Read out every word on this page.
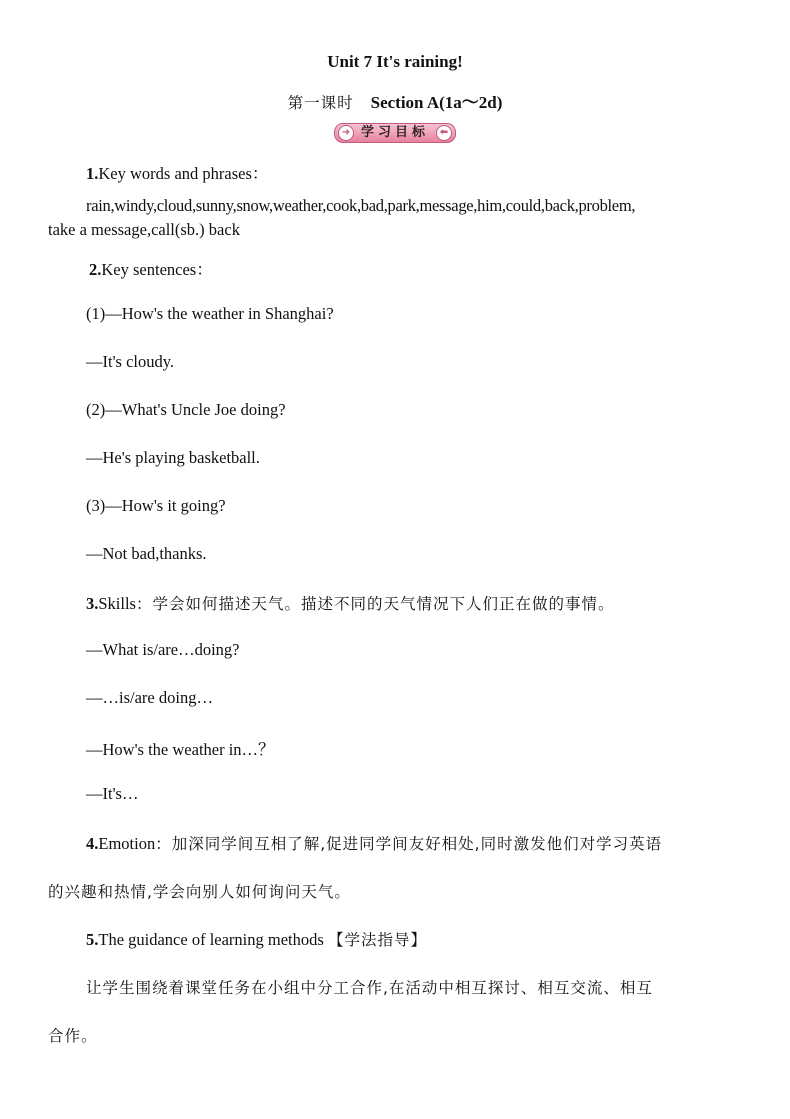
Unit 7 It's raining!
第一课时 Section A(1a～2d)
➜ 学习目标	⬅
1.Key words and phrases：
rain,windy,cloud,sunny,snow,weather,cook,bad,park,message,him,could,back,problem,
take a message,call(sb.) back
2.Key sentences：
(1)—How's the weather in Shanghai?
—It's cloudy.
(2)—What's Uncle Joe doing?
—He's playing basketball.
(3)—How's it going?
—Not bad,thanks.
3.Skills：学会如何描述天气。描述不同的天气情况下人们正在做的事情。
—What is/are…doing?
—…is/are doing…
—How's the weather in…？
—It's…
4.Emotion：加深同学间互相了解,促进同学间友好相处,同时激发他们对学习英语
的兴趣和热情,学会向别人如何询问天气。
5.The guidance of learning methods 【学法指导】
让学生围绕着课堂任务在小组中分工合作,在活动中相互探讨、相互交流、相互
合作。
